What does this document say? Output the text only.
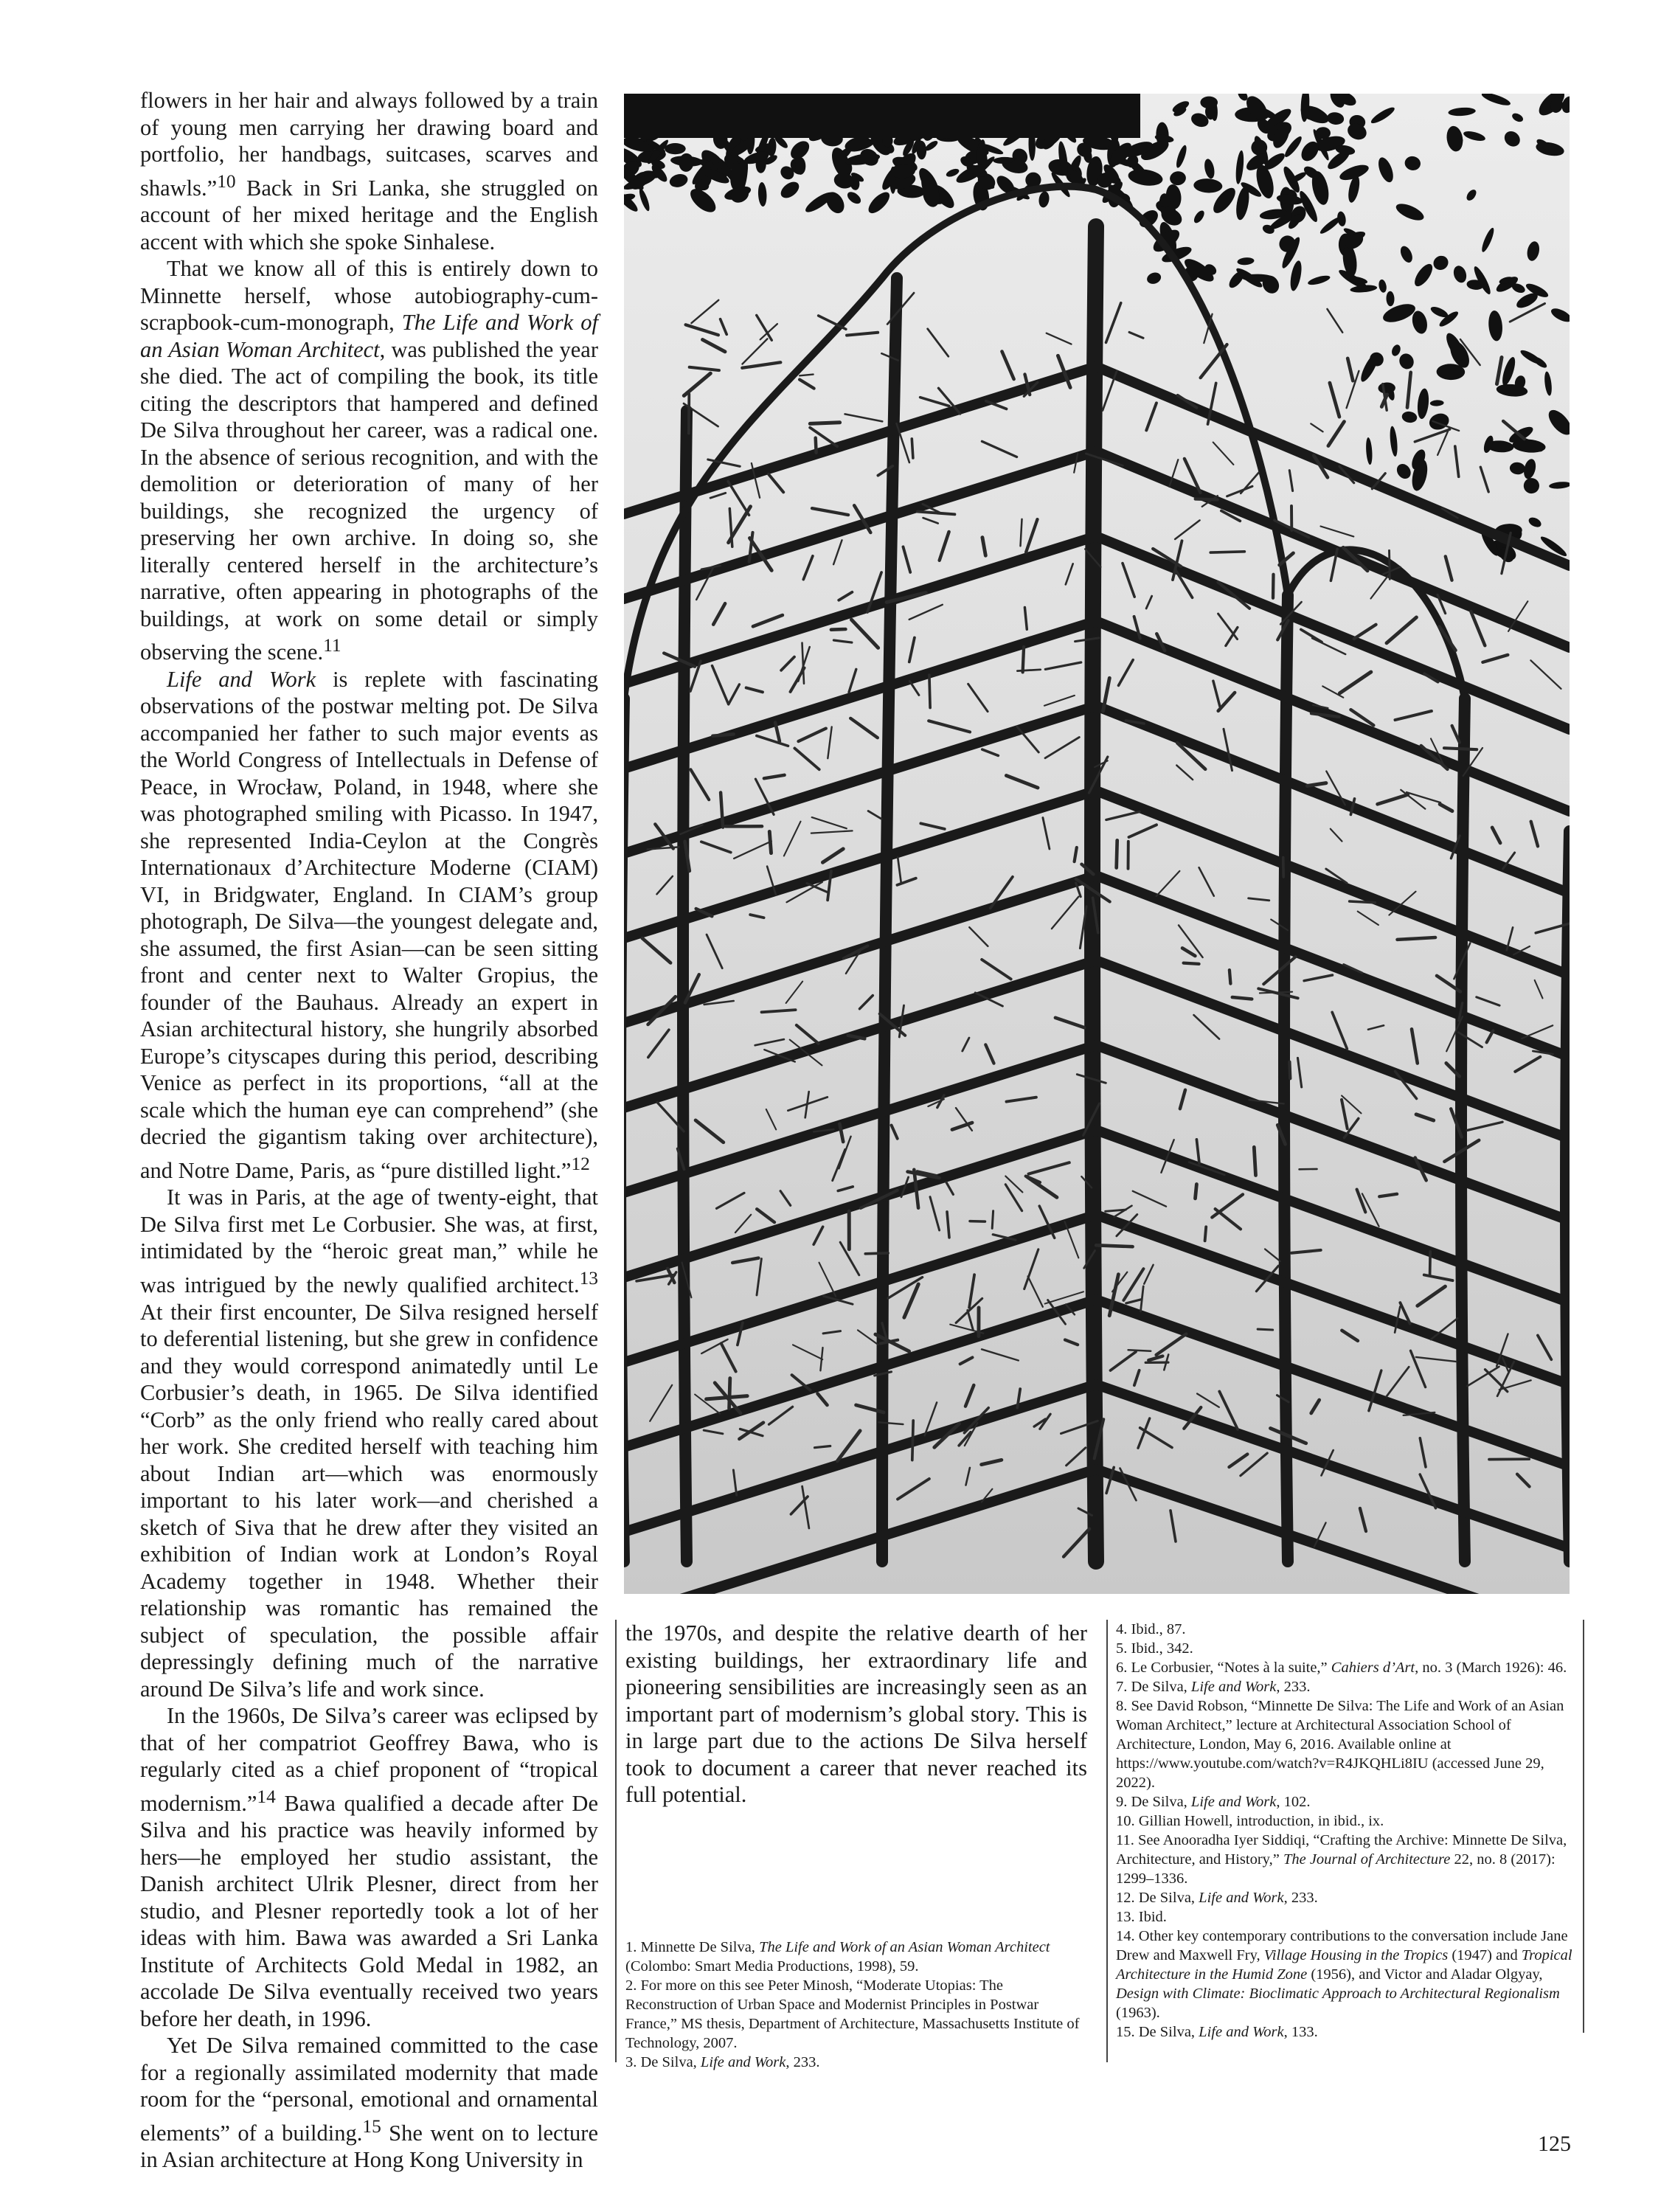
flowers in her hair and always followed by a train of young men carrying her drawing board and portfolio, her handbags, suitcases, scarves and shawls.”$^{10}$ Back in Sri Lanka, she struggled on account of her mixed heritage and the English accent with which she spoke Sinhalese.

That we know all of this is entirely down to Minnette herself, whose autobiography-cum-scrapbook-cum-monograph, The Life and Work of an Asian Woman Architect, was published the year she died. The act of compiling the book, its title citing the descriptors that hampered and defined De Silva throughout her career, was a radical one. In the absence of serious recognition, and with the demolition or deterioration of many of her buildings, she recognized the urgency of preserving her own archive. In doing so, she literally centered herself in the architecture’s narrative, often appearing in photographs of the buildings, at work on some detail or simply observing the scene.$^{11}$

Life and Work is replete with fascinating observations of the postwar melting pot. De Silva accompanied her father to such major events as the World Congress of Intellectuals in Defense of Peace, in Wrocław, Poland, in 1948, where she was photographed smiling with Picasso. In 1947, she represented India-Ceylon at the Congrès Internationaux d’Architecture Moderne (CIAM) VI, in Bridgwater, England. In CIAM’s group photograph, De Silva—the youngest delegate and, she assumed, the first Asian—can be seen sitting front and center next to Walter Gropius, the founder of the Bauhaus. Already an expert in Asian architectural history, she hungrily absorbed Europe’s cityscapes during this period, describing Venice as perfect in its proportions, “all at the scale which the human eye can comprehend” (she decried the gigantism taking over architecture), and Notre Dame, Paris, as “pure distilled light.”$^{12}$

It was in Paris, at the age of twenty-eight, that De Silva first met Le Corbusier. She was, at first, intimidated by the “heroic great man,” while he was intrigued by the newly qualified architect.$^{13}$ At their first encounter, De Silva resigned herself to deferential listening, but she grew in confidence and they would correspond animatedly until Le Corbusier’s death, in 1965. De Silva identified “Corb” as the only friend who really cared about her work. She credited herself with teaching him about Indian art—which was enormously important to his later work—and cherished a sketch of Siva that he drew after they visited an exhibition of Indian work at London’s Royal Academy together in 1948. Whether their relationship was romantic has remained the subject of speculation, the possible affair depressingly defining much of the narrative around De Silva’s life and work since.

In the 1960s, De Silva’s career was eclipsed by that of her compatriot Geoffrey Bawa, who is regularly cited as a chief proponent of “tropical modernism.”$^{14}$ Bawa qualified a decade after De Silva and his practice was heavily informed by hers—he employed her studio assistant, the Danish architect Ulrik Plesner, direct from her studio, and Plesner reportedly took a lot of her ideas with him. Bawa was awarded a Sri Lanka Institute of Architects Gold Medal in 1982, an accolade De Silva eventually received two years before her death, in 1996.

Yet De Silva remained committed to the case for a regionally assimilated modernity that made room for the “personal, emotional and ornamental elements” of a building.$^{15}$ She went on to lecture in Asian architecture at Hong Kong University in

the 1970s, and despite the relative dearth of her existing buildings, her extraordinary life and pioneering sensibilities are increasingly seen as an important part of modernism’s global story. This is in large part due to the actions De Silva herself took to document a career that never reached its full potential.

1. Minnette De Silva, The Life and Work of an Asian Woman Architect (Colombo: Smart Media Productions, 1998), 59.

2. For more on this see Peter Minosh, “Moderate Utopias: The Reconstruction of Urban Space and Modernist Principles in Postwar France,” MS thesis, Department of Architecture, Massachusetts Institute of Technology, 2007.

3. De Silva, Life and Work, 233.

4. Ibid., 87.

5. Ibid., 342.

6. Le Corbusier, “Notes à la suite,” Cahiers d’Art, no. 3 (March 1926): 46.

7. De Silva, Life and Work, 233.

8. See David Robson, “Minnette De Silva: The Life and Work of an Asian Woman Architect,” lecture at Architectural Association School of Architecture, London, May 6, 2016. Available online at https://www.youtube.com/watch?v=R4JKQHLi8IU (accessed June 29, 2022).

9. De Silva, Life and Work, 102.

10. Gillian Howell, introduction, in ibid., ix.

11. See Anooradha Iyer Siddiqi, “Crafting the Archive: Minnette De Silva, Architecture, and History,” The Journal of Architecture 22, no. 8 (2017): 1299–1336.

12. De Silva, Life and Work, 233.

13. Ibid.

14. Other key contemporary contributions to the conversation include Jane Drew and Maxwell Fry, Village Housing in the Tropics (1947) and Tropical Architecture in the Humid Zone (1956), and Victor and Aladar Olgyay, Design with Climate: Bioclimatic Approach to Architectural Regionalism (1963).

15. De Silva, Life and Work, 133.

125
